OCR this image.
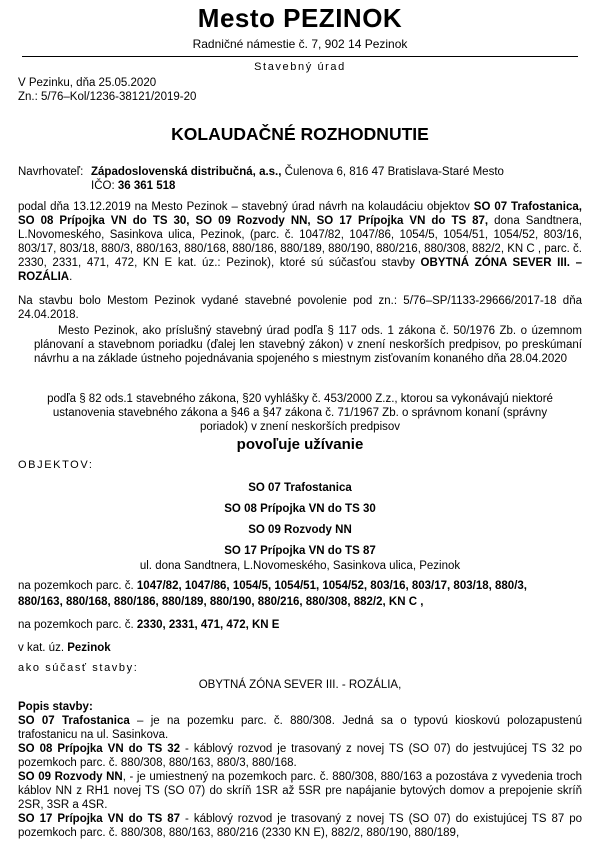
Mesto PEZINOK
Radničné námestie č. 7, 902 14 Pezinok
Stavebný úrad
V Pezinku, dňa 25.05.2020
Zn.: 5/76–Kol/1236-38121/2019-20
KOLAUDAČNÉ ROZHODNUTIE
Navrhovateľ: Západoslovenská distribučná, a.s., Čulenova 6, 816 47 Bratislava-Staré Mesto
IČO: 36 361 518
podal dňa 13.12.2019 na Mesto Pezinok – stavebný úrad návrh na kolaudáciu objektov SO 07 Trafostanica, SO 08 Prípojka VN do TS 30, SO 09 Rozvody NN, SO 17 Prípojka VN do TS 87, dona Sandtnera, L.Novomeského, Sasinkova ulica, Pezinok, (parc. č. 1047/82, 1047/86, 1054/5, 1054/51, 1054/52, 803/16, 803/17, 803/18, 880/3, 880/163, 880/168, 880/186, 880/189, 880/190, 880/216, 880/308, 882/2, KN C , parc. č. 2330, 2331, 471, 472, KN E kat. úz.: Pezinok), ktoré sú súčasťou stavby OBYTNÁ ZÓNA SEVER III. – ROZÁLIA.
Na stavbu bolo Mestom Pezinok vydané stavebné povolenie pod zn.: 5/76–SP/1133-29666/2017-18 dňa 24.04.2018.
Mesto Pezinok, ako príslušný stavebný úrad podľa § 117 ods. 1 zákona č. 50/1976 Zb. o územnom plánovaní a stavebnom poriadku (ďalej len stavebný zákon) v znení neskorších predpisov, po preskúmaní návrhu a na základe ústneho pojednávania spojeného s miestnym zisťovaním konaného dňa 28.04.2020
podľa § 82 ods.1 stavebného zákona, §20 vyhlášky č. 453/2000 Z.z., ktorou sa vykonávajú niektoré ustanovenia stavebného zákona a §46 a §47 zákona č. 71/1967 Zb. o správnom konaní (správny poriadok) v znení neskorších predpisov
povoľuje užívanie
OBJEKTOV:
SO 07 Trafostanica
SO 08 Prípojka VN do TS 30
SO 09 Rozvody NN
SO 17 Prípojka VN do TS 87
ul. dona Sandtnera, L.Novomeského, Sasinkova ulica, Pezinok
na pozemkoch parc. č. 1047/82, 1047/86, 1054/5, 1054/51, 1054/52, 803/16, 803/17, 803/18, 880/3,
880/163, 880/168, 880/186, 880/189, 880/190, 880/216, 880/308, 882/2, KN C ,
na pozemkoch parc. č. 2330, 2331, 471, 472, KN E
v kat. úz. Pezinok
ako súčasť stavby:
OBYTNÁ ZÓNA SEVER III. - ROZÁLIA,
Popis stavby:
SO 07 Trafostanica – je na pozemku parc. č. 880/308. Jedná sa o typovú kioskovú polozapustenú trafostanicu na ul. Sasinkova.
SO 08 Prípojka VN do TS 32 - káblový rozvod je trasovaný z novej TS (SO 07) do jestvujúcej TS 32 po pozemkoch parc. č. 880/308, 880/163, 880/3, 880/168.
SO 09 Rozvody NN, - je umiestnený na pozemkoch parc. č. 880/308, 880/163 a pozostáva z vyvedenia troch káblov NN z RH1 novej TS (SO 07) do skríň 1SR až 5SR pre napájanie bytových domov a prepojenie skríň 2SR, 3SR a 4SR.
SO 17 Prípojka VN do TS 87 - káblový rozvod je trasovaný z novej TS (SO 07) do existujúcej TS 87 po pozemkoch parc. č. 880/308, 880/163, 880/216 (2330 KN E), 882/2, 880/190, 880/189,
